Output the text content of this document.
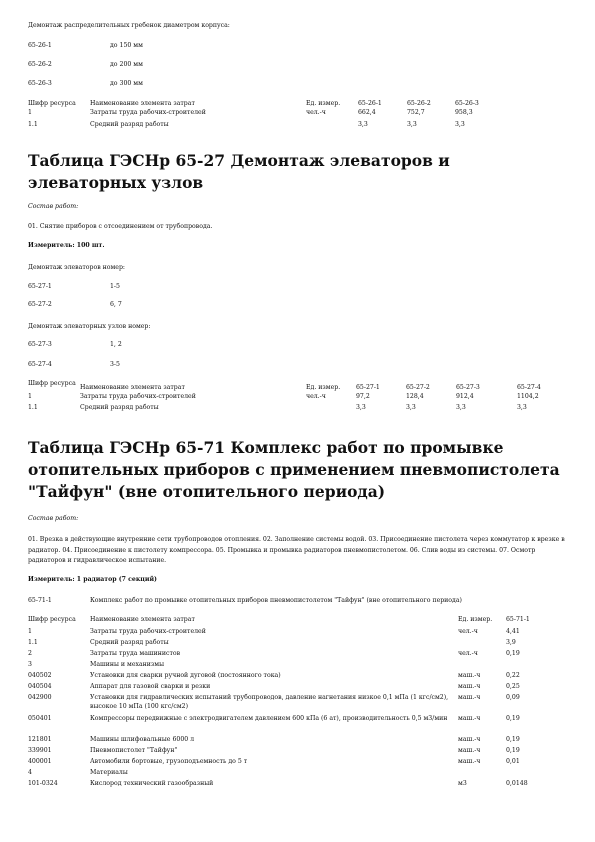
Демонтаж распределительных гребенок диаметром корпуса:
65-26-1	до 150 мм
65-26-2	до 200 мм
65-26-3	до 300 мм
Шифр ресурса	Наименование элемента затрат	Ед. измер.	65-26-1	65-26-2	65-26-3
1	Затраты труда рабочих-строителей	чел.-ч	662,4	752,7	958,3
1.1	Средний разряд работы		3,3	3,3	3,3
Таблица ГЭСНр 65-27 Демонтаж элеваторов и элеваторных узлов
Состав работ:
01. Снятие приборов с отсоединением от трубопровода.
Измеритель: 100 шт.
Демонтаж элеваторов номер:
65-27-1	1-5
65-27-2	6, 7
Демонтаж элеваторных узлов номер:
65-27-3	1, 2
65-27-4	3-5
Шифр ресурса	Наименование элемента затрат	Ед. измер.	65-27-1	65-27-2	65-27-3	65-27-4
1	Затраты труда рабочих-строителей	чел.-ч	97,2	128,4	912,4	1104,2
1.1	Средний разряд работы		3,3	3,3	3,3	3,3
Таблица ГЭСНр 65-71 Комплекс работ по промывке отопительных приборов с применением пневмопистолета "Тайфун" (вне отопительного периода)
Состав работ:
01. Врезка в действующие внутренние сети трубопроводов отопления. 02. Заполнение системы водой. 03. Присоединение пистолета через коммутатор к врезке в радиатор. 04. Присоединение к пистолету компрессора. 05. Промывка и промывка радиаторов пневмопистолетом. 06. Слив воды из системы. 07. Осмотр радиаторов и гидравлическое испытание.
Измеритель: 1 радиатор (7 секций)
65-71-1	Комплекс работ по промывке отопительных приборов пневмопистолетом "Тайфун" (вне отопительного периода)
Шифр ресурса	Наименование элемента затрат	Ед. измер.	65-71-1
1	Затраты труда рабочих-строителей	чел.-ч	4,41
1.1	Средний разряд работы		3,9
2	Затраты труда машинистов	чел.-ч	0,19
3	Машины и механизмы		
040502	Установки для сварки ручной дуговой (постоянного тока)	маш.-ч	0,22
040504	Аппарат для газовой сварки и резки	маш.-ч	0,25
042900	Установки для гидравлических испытаний трубопроводов, давление нагнетания низкое 0,1 мПа (1 кгс/см2), высокое 10 мПа (100 кгс/см2)	маш.-ч	0,09
050401	Компрессоры передвижные с электродвигателем давлением 600 кПа (6 ат), производительность 0,5 м3/мин	маш.-ч	0,19
121801	Машины шлифовальные 6000 л	маш.-ч	0,19
339901	Пневмопистолет "Тайфун"	маш.-ч	0,19
400001	Автомобили бортовые, грузоподъемность до 5 т	маш.-ч	0,01
4	Материалы		
101-0324	Кислород технический газообразный	м3	0,0148
